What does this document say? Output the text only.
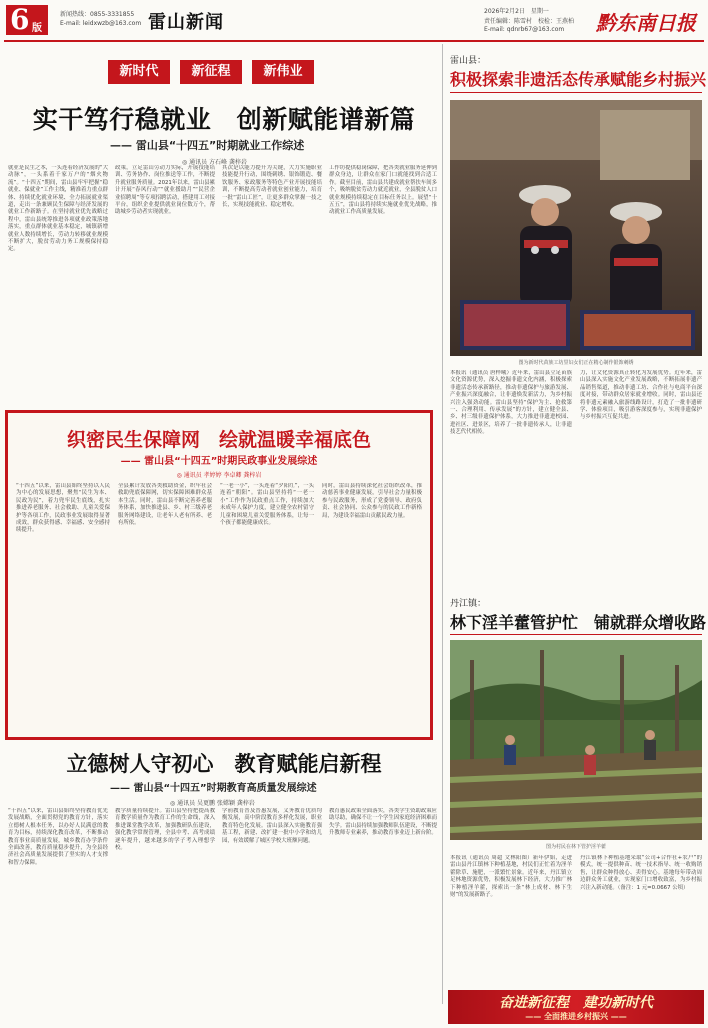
6 版
新闻热线：0855-3331855
E-mail: leidxwzb@163.com 雷山新闻
2026年2月2日　星期一
责任编辑：陈雪村　校检：王燕柏
E-mail: qdnrb67@163.com 黔东南日报
新时代	新征程	新伟业
实干笃行稳就业　创新赋能谱新篇
—— 雷山县“十四五”时期就业工作综述
◎ 通讯员 方石峰 龚梓岩
就业是民生之本，一头连着经济发展的“大动脉”，一头系着千家万户的“烟火物流”。“十四五”期间，雷山县牢牢把握“稳就业、保就业”工作主线，精准着力重点群体、持续优化就业环境、全力拓展就业渠道，走出一条兼顾民生保障与经济发展的就业工作新路子。在坚持就业优先战略过程中，雷山县统筹推进各项就业政策落地落实，重点群体就业基本稳定，城镇新增就业人数持续增长，劳动力转移就业规模不断扩大，脱贫劳动力务工规模保持稳定。
政策，立足雷山劳动力实际，开展技能培训、劳务协作、岗位推送等工作，不断提升就业服务质量。2021年以来，雷山县累计开展“春风行动”“就业援助月”“民营企业招聘周”等专项招聘活动，搭建用工对接平台，组织企业提供就业岗位数万个，帮助城乡劳动者实现就业。
其次是以能力提升为关键，大力实施职业技能提升行动，围绕刺绣、银饰锻造、餐饮服务、家政服务等特色产业开展技能培训，不断提高劳动者就业创业能力，培育一批“雷山工匠”，让更多群众掌握一技之长，实现技能就业、稳定增收。
工作坊提供稳岗保障，把各类就业服务延伸到群众身边，让群众在家门口就能找到合适工作。截至目前，雷山县共建成就业帮扶车间多个，吸纳脱贫劳动力就近就业，全县脱贫人口就业规模持续稳定在目标任务以上。展望“十五五”，雷山县将持续实施就业优先战略，推动就业工作高质量发展。
雷山县：
积极探索非遗活态传承赋能乡村振兴
图为新时代苗族工坊里妇女们正在精心制作银饰刺绣
本报讯（通讯员 唐梓曦）近年来，雷山县立足苗族文化资源优势，深入挖掘非遗文化内涵，积极探索非遗活态传承新路径，推动非遗保护与旅游发展、产业振兴深度融合，让非遗焕发新活力，为乡村振兴注入强劲动能。雷山县坚持“保护为主、抢救第一、合理利用、传承发展”的方针，建立健全县、乡、村三级非遗保护体系，大力推进非遗进校园、进社区、进景区，培养了一批非遗传承人，让非遗技艺代代相传。
力，让文化资源真正转化为发展优势。近年来，雷山县深入实施文化产业发展战略，不断拓展非遗产品销售渠道，推动非遗工坊、合作社与电商平台深度对接，带动群众居家就业增收。同时，雷山县还将非遗元素融入旅游线路设计，打造了一批非遗研学、体验项目，吸引游客深度参与，实现非遗保护与乡村振兴互促共进。
织密民生保障网　绘就温暖幸福底色
—— 雷山县“十四五”时期民政事业发展综述
◎ 通讯员 孝婷婷 李卓卿 龚梓岩
“十四五”以来，雷山县始终坚持以人民为中心的发展思想，聚焦“民生为本、民政为民”，着力兜牢民生底线，扎实推进养老服务、社会救助、儿童关爱保护等各项工作，民政事业发展取得显著成效，群众获得感、幸福感、安全感持续提升。
全县累计发放各类救助资金，织牢社会救助兜底保障网，切实保障困难群众基本生活。同时，雷山县不断完善养老服务体系，加快推进县、乡、村三级养老服务网络建设，让老年人老有所养、老有所依。
“一老一小”，一头连着“夕阳红”，一头连着“朝阳”。雷山县坚持将“一老一小”工作作为民政重点工作，持续加大未成年人保护力度，建立健全农村留守儿童和困境儿童关爱服务体系，让每一个孩子都能健康成长。
同时，雷山县持续深化社会组织改革，推动慈善事业健康发展，引导社会力量积极参与民政服务，形成了党委领导、政府负责、社会协同、公众参与的民政工作新格局，为建设幸福雷山贡献民政力量。
丹江镇：
林下淫羊藿管护忙　铺就群众增收路
图为村民在林下管护淫羊藿
本报讯（通讯员 周超 文林阳图）新年伊始，走进雷山县丹江镇林下种植基地，村民们正忙着为淫羊藿除草、施肥，一派繁忙景象。近年来，丹江镇立足林地资源优势，积极发展林下经济，大力推广林下种植淫羊藿，探索出一条“林上成材、林下生财”的发展新路子。
丹江镇林下种植基地采取“公司+合作社+农户”的模式，统一提供种苗、统一技术指导、统一收购销售，让群众种得放心、卖得安心。基地每年带动周边群众务工就业，实现家门口增收致富，为乡村振兴注入新动能。（备注：1 元=0.0667 公顷）
立德树人守初心　教育赋能启新程
—— 雷山县“十四五”时期教育高质量发展综述
◎ 通讯员 吴更鹏 张嫦颖 龚梓岩
“十四五”以来，雷山县始终坚持教育优先发展战略，全面贯彻党的教育方针，落实立德树人根本任务，以办好人民满意的教育为目标，持续深化教育改革，不断推动教育事业高质量发展，城乡教育办学条件全面改善，教育质量稳步提升，为全县经济社会高质量发展提供了坚实的人才支撑和智力保障。
教学质量持续提升。雷山县坚持把提高教育教学质量作为教育工作的生命线，深入推进课堂教学改革，加强教研队伍建设，强化教学常规管理，全县中考、高考成绩逐年提升，越来越多的学子考入理想学校。
学前教育普及普惠发展，义务教育优质均衡发展，高中阶段教育多样化发展，职业教育特色化发展。雷山县深入实施教育强基工程，新建、改扩建一批中小学和幼儿园，有效缓解了城区学校大班额问题。
教育惠民政策全面落实，各类学生资助政策应助尽助，确保不让一个学生因家庭经济困难而失学。雷山县持续加强教师队伍建设，不断提升教师专业素养，推动教育事业迈上新台阶。
奋进新征程　建功新时代
—— 全面推进乡村振兴 ——
